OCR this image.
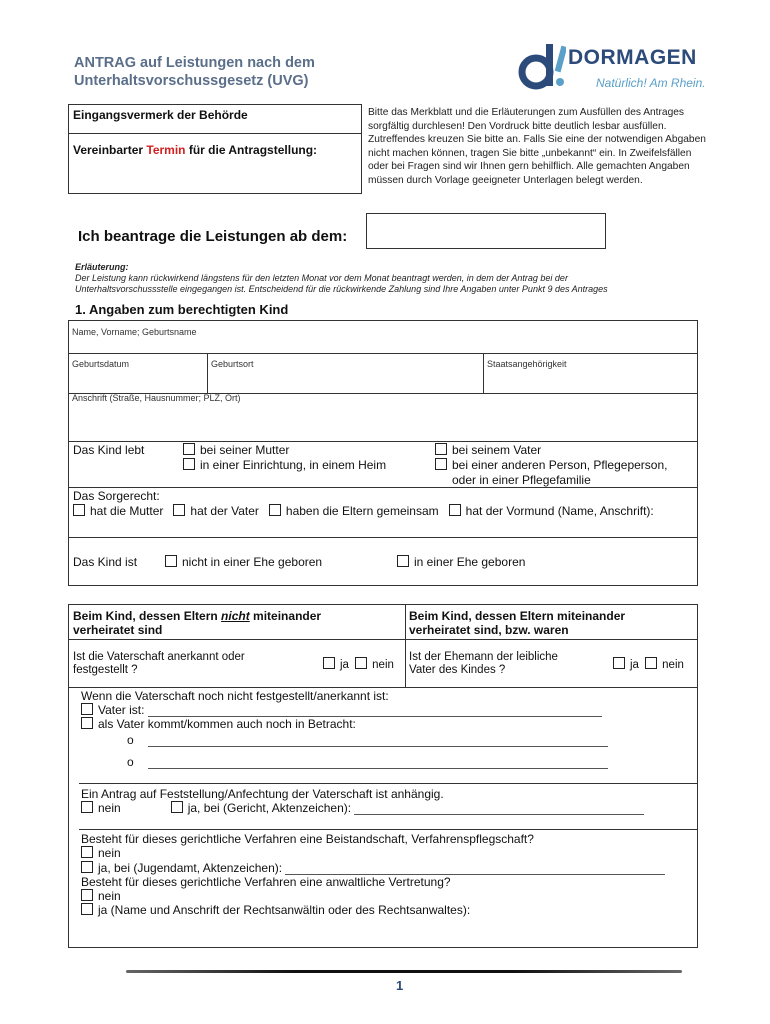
ANTRAG auf Leistungen nach dem
Unterhaltsvorschussgesetz (UVG)
DORMAGEN
Natürlich! Am Rhein.
Eingangsvermerk der Behörde
Vereinbarter Termin für die Antragstellung:
Bitte das Merkblatt und die Erläuterungen zum Ausfüllen des Antrages sorgfältig durchlesen! Den Vordruck bitte deutlich lesbar ausfüllen. Zutreffendes kreuzen Sie bitte an. Falls Sie eine der notwendigen Abgaben nicht machen können, tragen Sie bitte „unbekannt“ ein. In Zweifelsfällen oder bei Fragen sind wir Ihnen gern behilflich. Alle gemachten Angaben müssen durch Vorlage geeigneter Unterlagen belegt werden.
Ich beantrage die Leistungen ab dem:
Erläuterung:
Der Leistung kann rückwirkend längstens für den letzten Monat vor dem Monat beantragt werden, in dem der Antrag bei der
Unterhaltsvorschussstelle eingegangen ist. Entscheidend für die rückwirkende Zahlung sind Ihre Angaben unter Punkt 9 des Antrages
1. Angaben zum berechtigten Kind
Name, Vorname; Geburtsname
Geburtsdatum	Geburtsort	Staatsangehörigkeit
Anschrift (Straße, Hausnummer; PLZ, Ort)
Das Kind lebt	bei seiner Mutter
in einer Einrichtung, in einem Heim
bei seinem Vater
bei einer anderen Person, Pflegeperson,
oder in einer Pflegefamilie
Das Sorgerecht:
hat die Mutter hat der Vater haben die Eltern gemeinsam hat der Vormund (Name, Anschrift):
Das Kind ist	nicht in einer Ehe geboren	in einer Ehe geboren
Beim Kind, dessen Eltern nicht miteinander
verheiratet sind
Beim Kind, dessen Eltern miteinander
verheiratet sind, bzw. waren
Ist die Vaterschaft anerkannt oder
festgestellt ?	ja nein
Ist der Ehemann der leibliche
Vater des Kindes ?	ja nein
Wenn die Vaterschaft noch nicht festgestellt/anerkannt ist:
Vater ist:
als Vater kommt/kommen auch noch in Betracht:
o
o
Ein Antrag auf Feststellung/Anfechtung der Vaterschaft ist anhängig.
nein	ja, bei (Gericht, Aktenzeichen):
Besteht für dieses gerichtliche Verfahren eine Beistandschaft, Verfahrenspflegschaft?
nein
ja, bei (Jugendamt, Aktenzeichen):
Besteht für dieses gerichtliche Verfahren eine anwaltliche Vertretung?
nein
ja (Name und Anschrift der Rechtsanwältin oder des Rechtsanwaltes):
1
